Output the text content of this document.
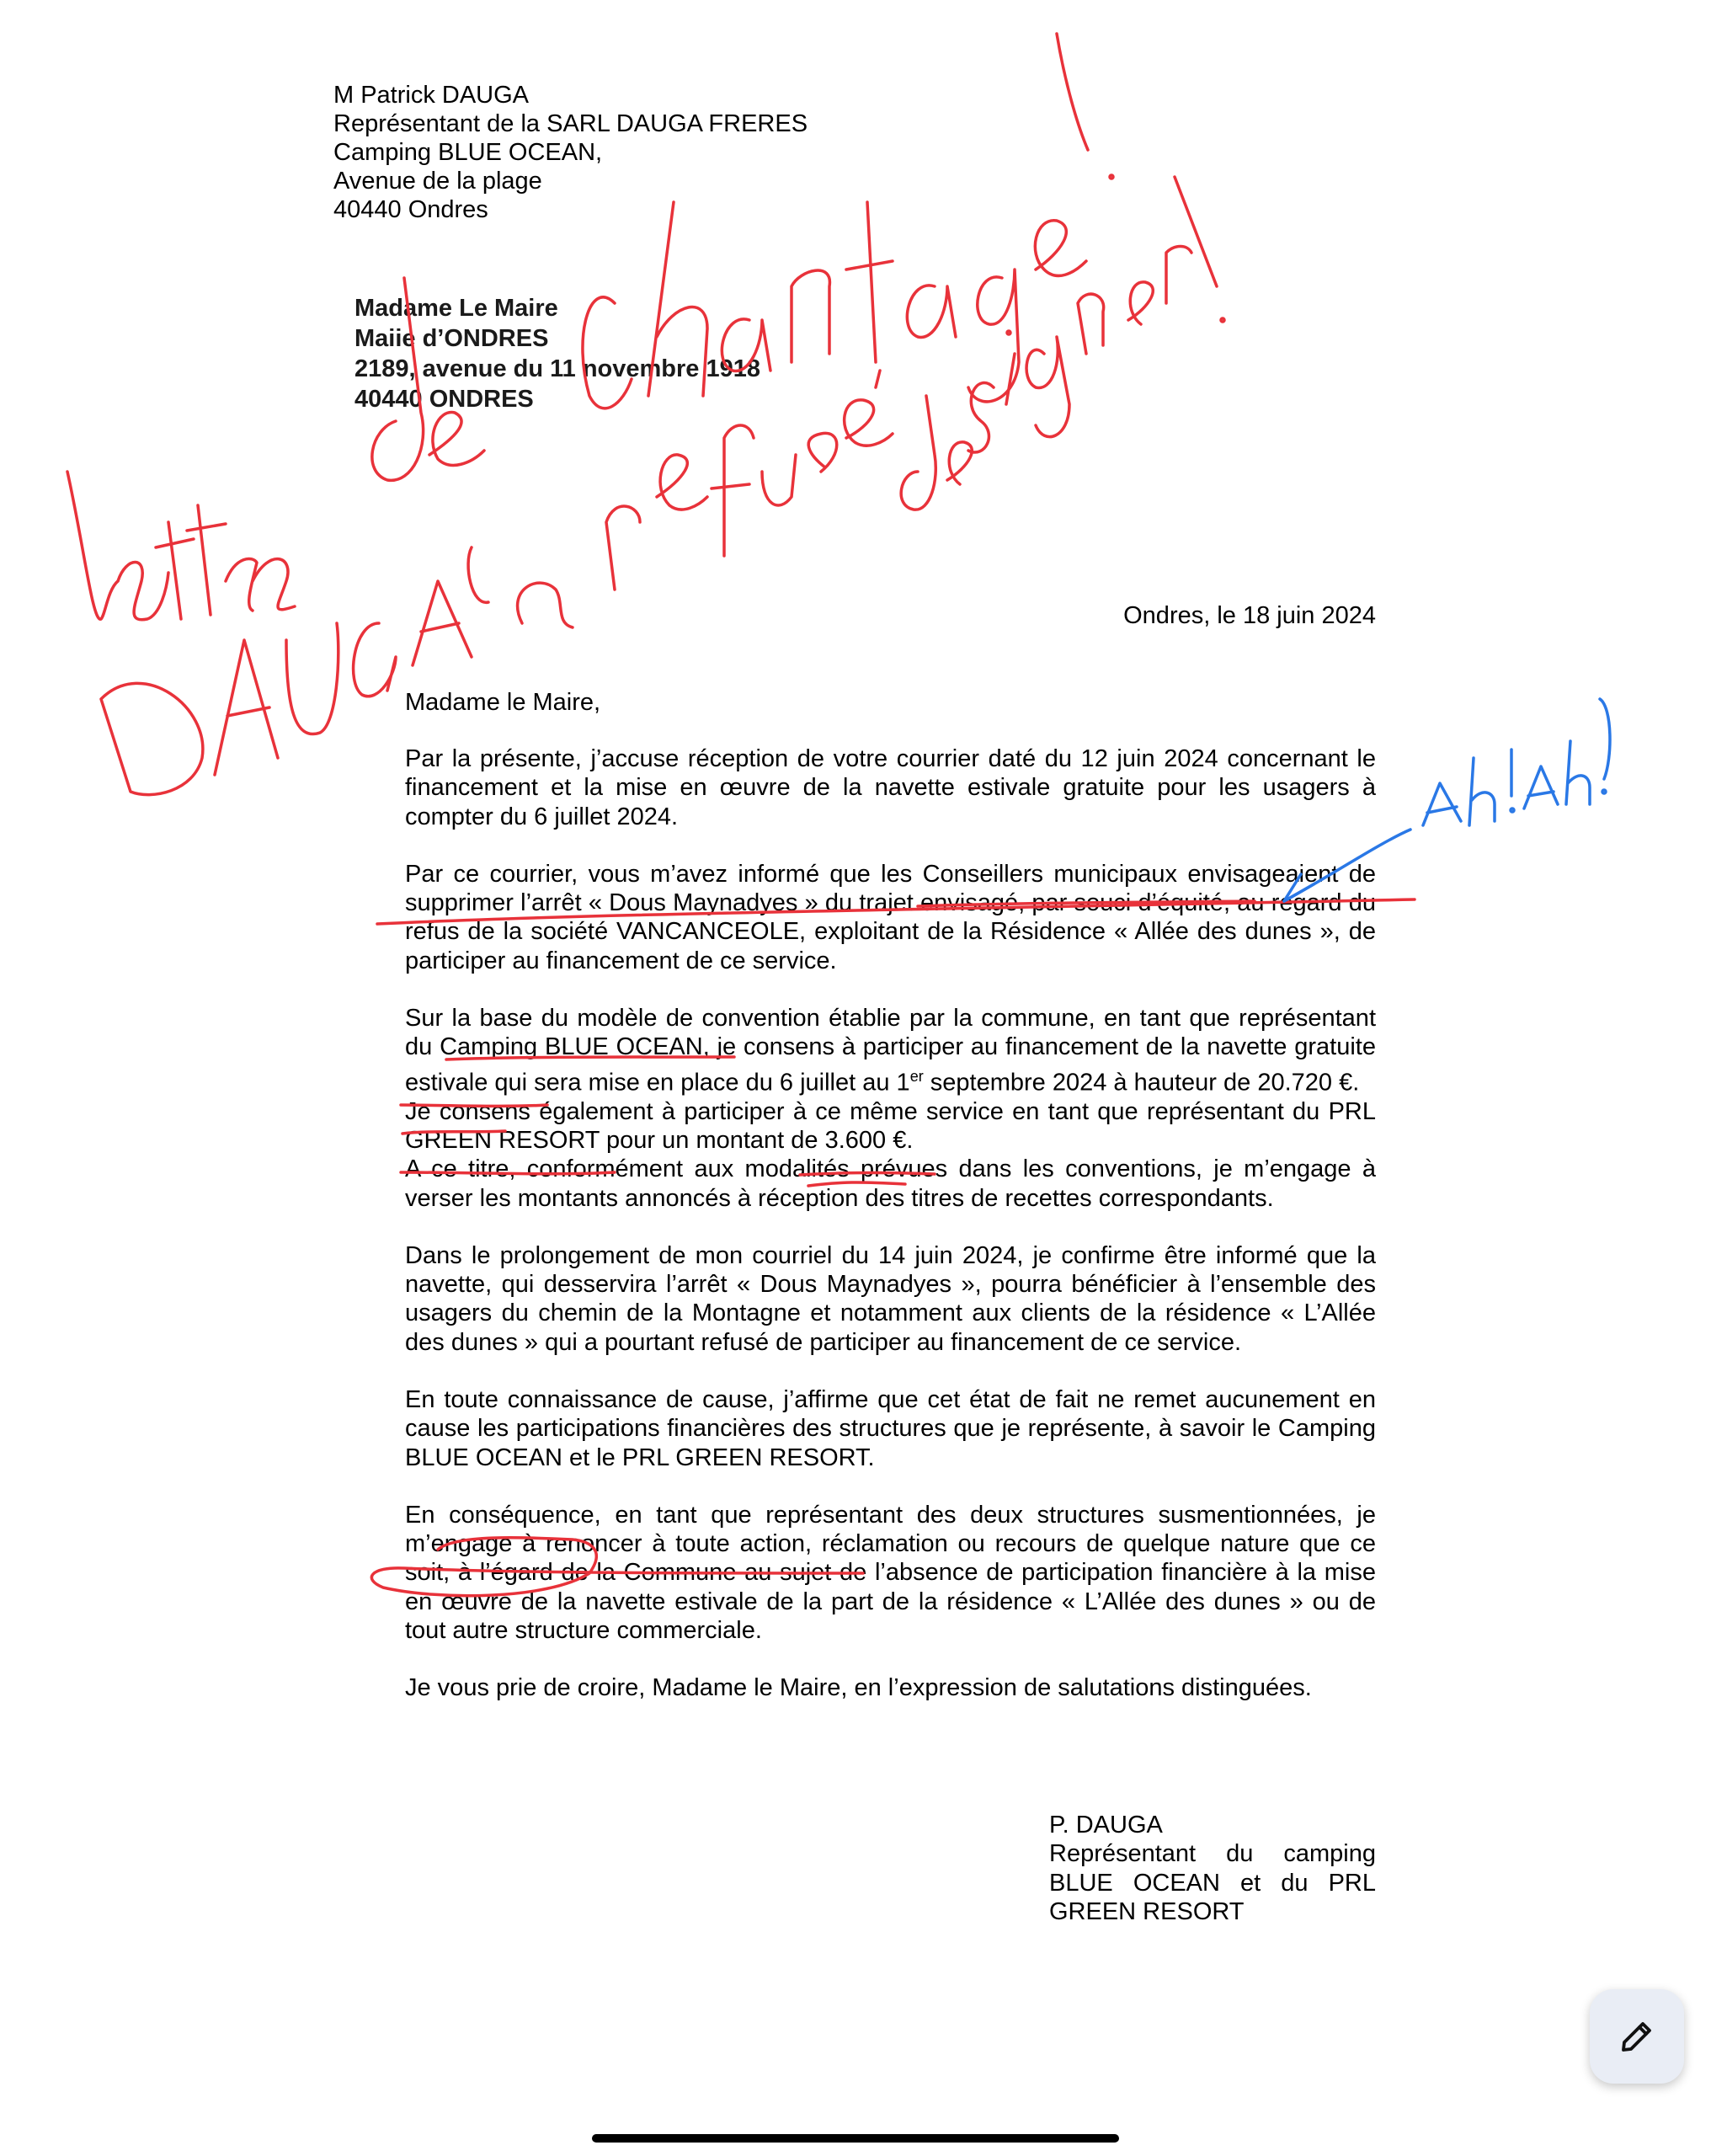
M Patrick DAUGA
Représentant de la SARL DAUGA FRERES
Camping BLUE OCEAN,
Avenue de la plage
40440 Ondres
Madame Le Maire
Maiie d’ONDRES
2189, avenue du 11 novembre 1918
40440 ONDRES
Ondres, le 18 juin 2024
Madame le Maire,

Par la présente, j’accuse réception de votre courrier daté du 12 juin 2024 concernant le financement et la mise en œuvre de la navette estivale gratuite pour les usagers à compter du 6 juillet 2024.

Par ce courrier, vous m’avez informé que les Conseillers municipaux envisageaient de supprimer l’arrêt « Dous Maynadyes » du trajet envisagé, par souci d’équité, au regard du refus de la société VANCANCEOLE, exploitant de la Résidence « Allée des dunes », de participer au financement de ce service.

Sur la base du modèle de convention établie par la commune, en tant que représentant du Camping BLUE OCEAN, je consens à participer au financement de la navette gratuite estivale qui sera mise en place du 6 juillet au 1er septembre 2024 à hauteur de 20.720 €.

Je consens également à participer à ce même service en tant que représentant du PRL GREEN RESORT pour un montant de 3.600 €.

A ce titre, conformément aux modalités prévues dans les conventions, je m’engage à verser les montants annoncés à réception des titres de recettes correspondants.

Dans le prolongement de mon courriel du 14 juin 2024, je confirme être informé que la navette, qui desservira l’arrêt « Dous Maynadyes », pourra bénéficier à l’ensemble des usagers du chemin de la Montagne et notamment aux clients de la résidence « L’Allée des dunes » qui a pourtant refusé de participer au financement de ce service.

En toute connaissance de cause, j’affirme que cet état de fait ne remet aucunement en cause les participations financières des structures que je représente, à savoir le Camping BLUE OCEAN et le PRL GREEN RESORT.

En conséquence, en tant que représentant des deux structures susmentionnées, je m’engage à renoncer à toute action, réclamation ou recours de quelque nature que ce soit, à l’égard de la Commune au sujet de l’absence de participation financière à la mise en œuvre de la navette estivale de la part de la résidence « L’Allée des dunes » ou de tout autre structure commerciale.

Je vous prie de croire, Madame le Maire, en l’expression de salutations distinguées.

P. DAUGA
Représentant du camping BLUE OCEAN et du PRL GREEN RESORT
